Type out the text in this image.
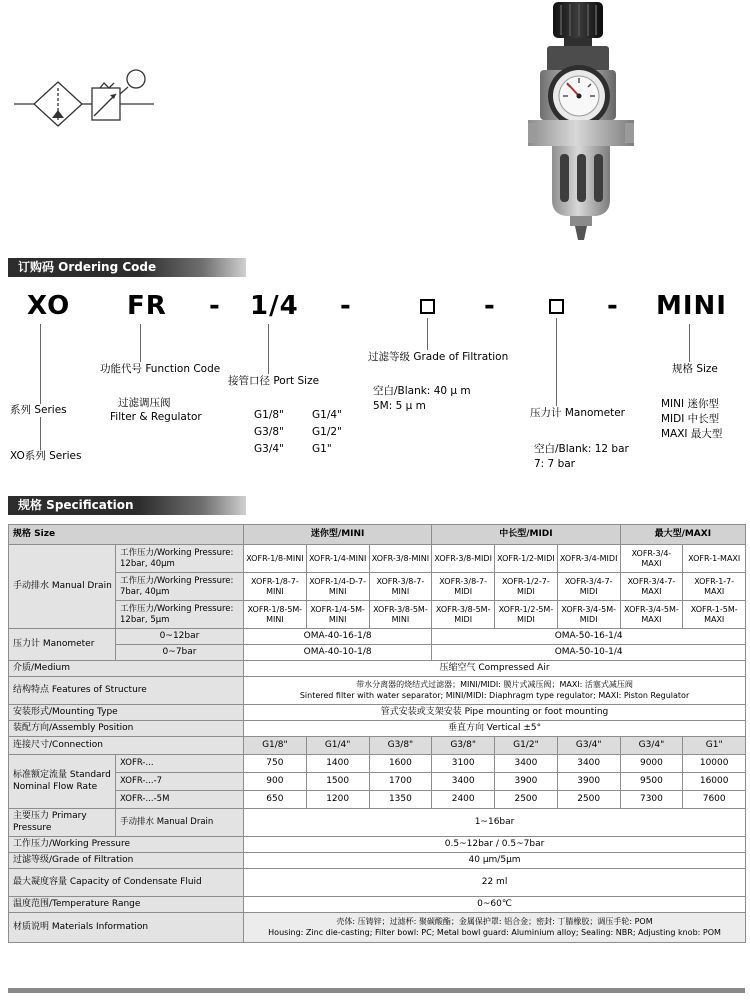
订购码 Ordering Code
XO FR - 1/4 -	-	- MINI
系列 Series
XO系列 Series
功能代号 Function Code
过滤调压阀
Filter & Regulator
接管口径 Port Size
G1/8"	G1/4"
G3/8"	G1/2"
G3/4"	G1"
过滤等级 Grade of Filtration
空白/Blank: 40 μ m
5M: 5 μ m
压力计 Manometer
空白/Blank: 12 bar
7: 7 bar
规格 Size
MINI 迷你型
MIDI 中长型
MAXI 最大型
规格 Specification
规格 Size		迷你型/MINI			中长型/MIDI			最大型/MAXI	
手动排水 Manual Drain	工作压力/Working Pressure: 12bar, 40μm	XOFR-1/8-MINI	XOFR-1/4-MINI	XOFR-3/8-MINI	XOFR-3/8-MIDI	XOFR-1/2-MIDI	XOFR-3/4-MIDI	XOFR-3/4-MAXI	XOFR-1-MAXI
	工作压力/Working Pressure: 7bar, 40μm	XOFR-1/8-7-MINI	XOFR-1/4-D-7-MINI	XOFR-3/8-7-MINI	XOFR-3/8-7-MIDI	XOFR-1/2-7-MIDI	XOFR-3/4-7-MIDI	XOFR-3/4-7-MAXI	XOFR-1-7-MAXI
	工作压力/Working Pressure: 12bar, 5μm	XOFR-1/8-5M-MINI	XOFR-1/4-5M-MINI	XOFR-3/8-5M-MINI	XOFR-3/8-5M-MIDI	XOFR-1/2-5M-MIDI	XOFR-3/4-5M-MIDI	XOFR-3/4-5M-MAXI	XOFR-1-5M-MAXI
压力计 Manometer	0~12bar	OMA-40-16-1/8			OMA-50-16-1/4				
	0~7bar	OMA-40-10-1/8			OMA-50-10-1/4				
介质/Medium		压缩空气 Compressed Air							
结构特点 Features of Structure		带水分离器的烧结式过滤器；MINI/MIDI: 膜片式减压阀；MAXI: 活塞式减压阀
Sintered filter with water separator; MINI/MIDI: Diaphragm type regulator; MAXI: Piston Regulator							

安装形式/Mounting Type		管式安装或支架安装 Pipe mounting or foot mounting							
装配方向/Assembly Position		垂直方向 Vertical ±5°							
连接尺寸/Connection		G1/8"	G1/4"	G3/8"	G3/8"	G1/2"	G3/4"	G3/4"	G1"
标准额定流量 Standard Nominal Flow Rate	XOFR-...	750	1400	1600	3100	3400	3400	9000	10000
	XOFR-...-7	900	1500	1700	3400	3900	3900	9500	16000
	XOFR-...-5M	650	1200	1350	2400	2500	2500	7300	7600
主要压力 Primary Pressure	手动排水 Manual Drain	1~16bar							
工作压力/Working Pressure		0.5~12bar / 0.5~7bar							
过滤等级/Grade of Filtration		40 μm/5μm							
最大凝度容量 Capacity of Condensate Fluid		22 ml							
温度范围/Temperature Range		0~60℃							
材质说明 Materials Information		壳体: 压铸锌；过滤杯: 聚碳酸酯；金属保护罩: 铝合金；密封: 丁腈橡胶；调压手轮: POM
Housing: Zinc die-casting; Filter bowl: PC; Metal bowl guard: Aluminium alloy; Sealing: NBR; Adjusting knob: POM							
